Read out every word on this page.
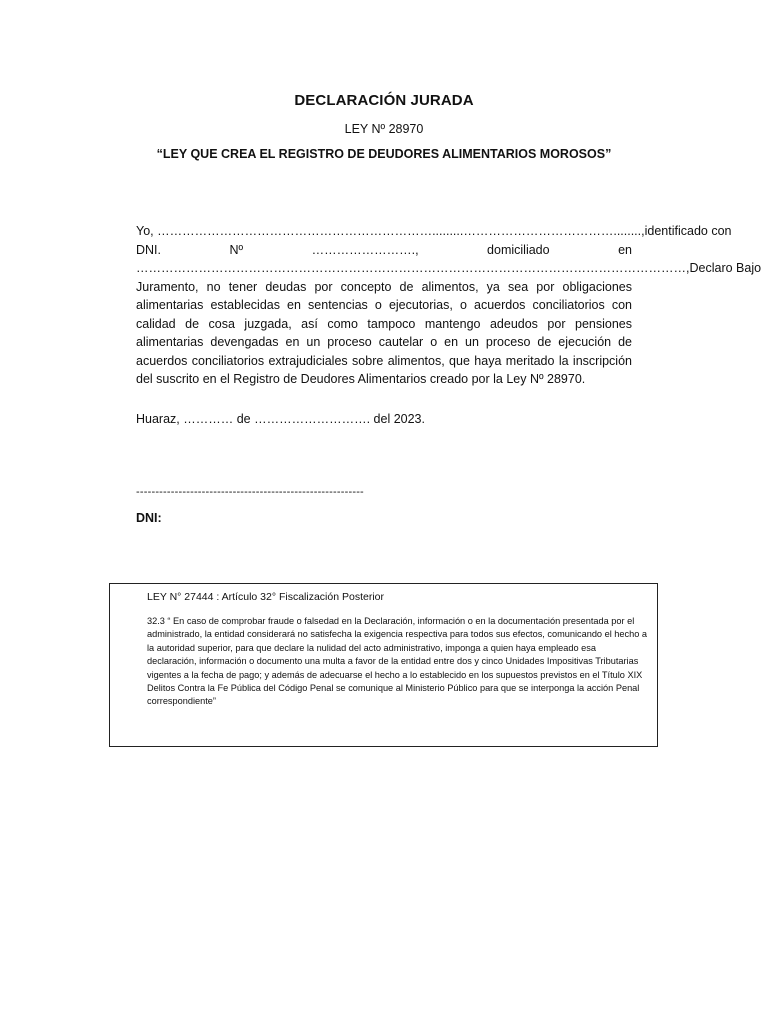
DECLARACIÓN JURADA
LEY Nº 28970
“LEY QUE CREA EL REGISTRO DE DEUDORES ALIMENTARIOS MOROSOS”
Yo, ………………………………………………………….........………………………………........, identificado con
DNI.	Nº	…………………….,	domiciliado	en
……………………………………………………………………………………………………………………, Declaro Bajo

Juramento, no tener deudas por concepto de alimentos, ya sea por obligaciones alimentarias establecidas en sentencias o ejecutorias, o acuerdos conciliatorios con calidad de cosa juzgada, así como tampoco mantengo adeudos por pensiones alimentarias devengadas en un proceso cautelar o en un proceso de ejecución de acuerdos conciliatorios extrajudiciales sobre alimentos, que haya meritado la inscripción del suscrito en el Registro de Deudores Alimentarios creado por la Ley Nº 28970.

Huaraz, ………… de ………………………. del 2023.
-----------------------------------------------------------
DNI:
LEY N° 27444 : Artículo 32° Fiscalización Posterior
32.3 “ En caso de comprobar fraude o falsedad en la Declaración, información o en la documentación presentada por el administrado, la entidad considerará no satisfecha la exigencia respectiva para todos sus efectos, comunicando el hecho a la autoridad superior, para que declare la nulidad del acto administrativo, imponga a quien haya empleado esa declaración, información o documento una multa a favor de la entidad entre dos y cinco Unidades Impositivas Tributarias vigentes a la fecha de pago; y además de adecuarse el hecho a lo establecido en los supuestos previstos en el Título XIX Delitos Contra la Fe Pública del Código Penal se comunique al Ministerio Público para que se interponga la acción Penal correspondiente”
